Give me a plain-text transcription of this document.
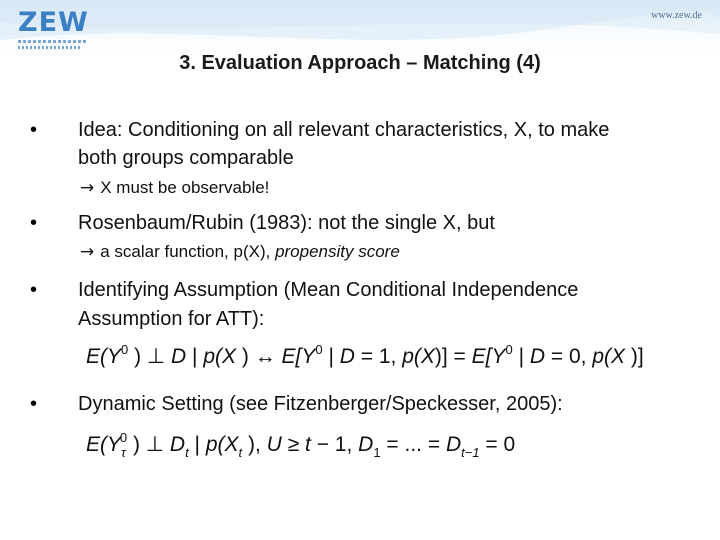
ZEW	www.zew.de
3. Evaluation Approach – Matching (4)
• Idea: Conditioning on all relevant characteristics, X, to make
both groups comparable
→ X must be observable!
• Rosenbaum/Rubin (1983): not the single X, but
→ a scalar function, p(X), propensity score
• Identifying Assumption (Mean Conditional Independence
Assumption for ATT):
$E(Y^0$ ) ⊥ D | p(X ) ↔ $E[Y^0$ | D = 1, $p(X)] = E[Y^0$ | D = 0, p(X )]
• Dynamic Setting (see Fitzenberger/Speckesser, 2005):
$E(Y_\tau^0$ ) ⊥ $D_t$ | $p(X_t$ ), U ≥ t − 1, $D_1$ = ... = $D_{t-1} = 0$
